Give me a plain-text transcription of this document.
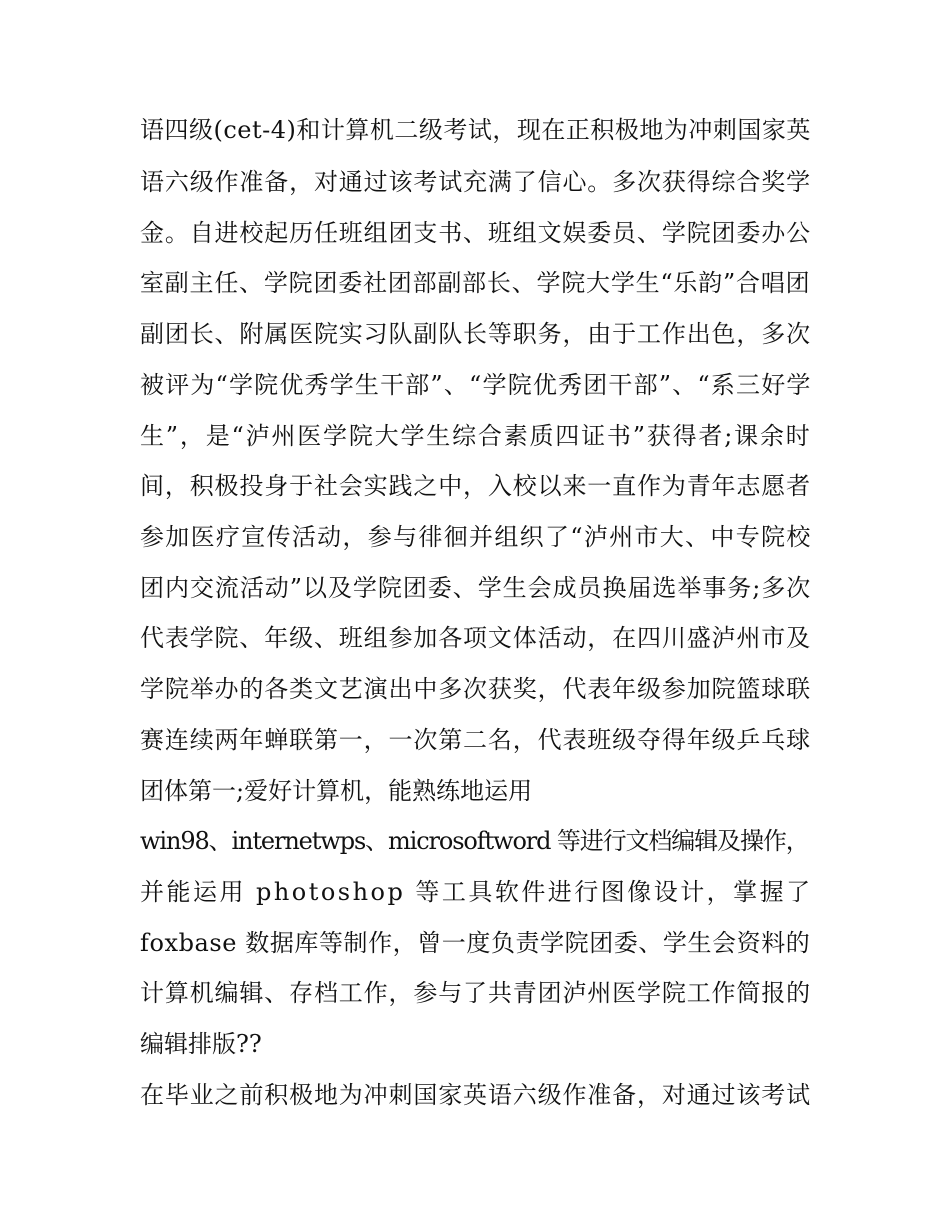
语四级(cet-4)和计算机二级考试，现在正积极地为冲刺国家英
语六级作准备，对通过该考试充满了信心。多次获得综合奖学
金。自进校起历任班组团支书、班组文娱委员、学院团委办公
室副主任、学院团委社团部副部长、学院大学生“乐韵”合唱团
副团长、附属医院实习队副队长等职务，由于工作出色，多次
被评为“学院优秀学生干部”、“学院优秀团干部”、“系三好学
生”，是“泸州医学院大学生综合素质四证书”获得者;课余时
间，积极投身于社会实践之中，入校以来一直作为青年志愿者
参加医疗宣传活动，参与徘徊并组织了“泸州市大、中专院校
团内交流活动”以及学院团委、学生会成员换届选举事务;多次
代表学院、年级、班组参加各项文体活动，在四川盛泸州市及
学院举办的各类文艺演出中多次获奖，代表年级参加院篮球联
赛连续两年蝉联第一，一次第二名，代表班级夺得年级乒乓球
团体第一;爱好计算机，能熟练地运用
win98、internetwps、microsoftword 等进行文档编辑及操作，
并能运用 photoshop 等工具软件进行图像设计，掌握了
foxbase 数据库等制作，曾一度负责学院团委、学生会资料的
计算机编辑、存档工作，参与了共青团泸州医学院工作简报的
编辑排版??
在毕业之前积极地为冲刺国家英语六级作准备，对通过该考试
